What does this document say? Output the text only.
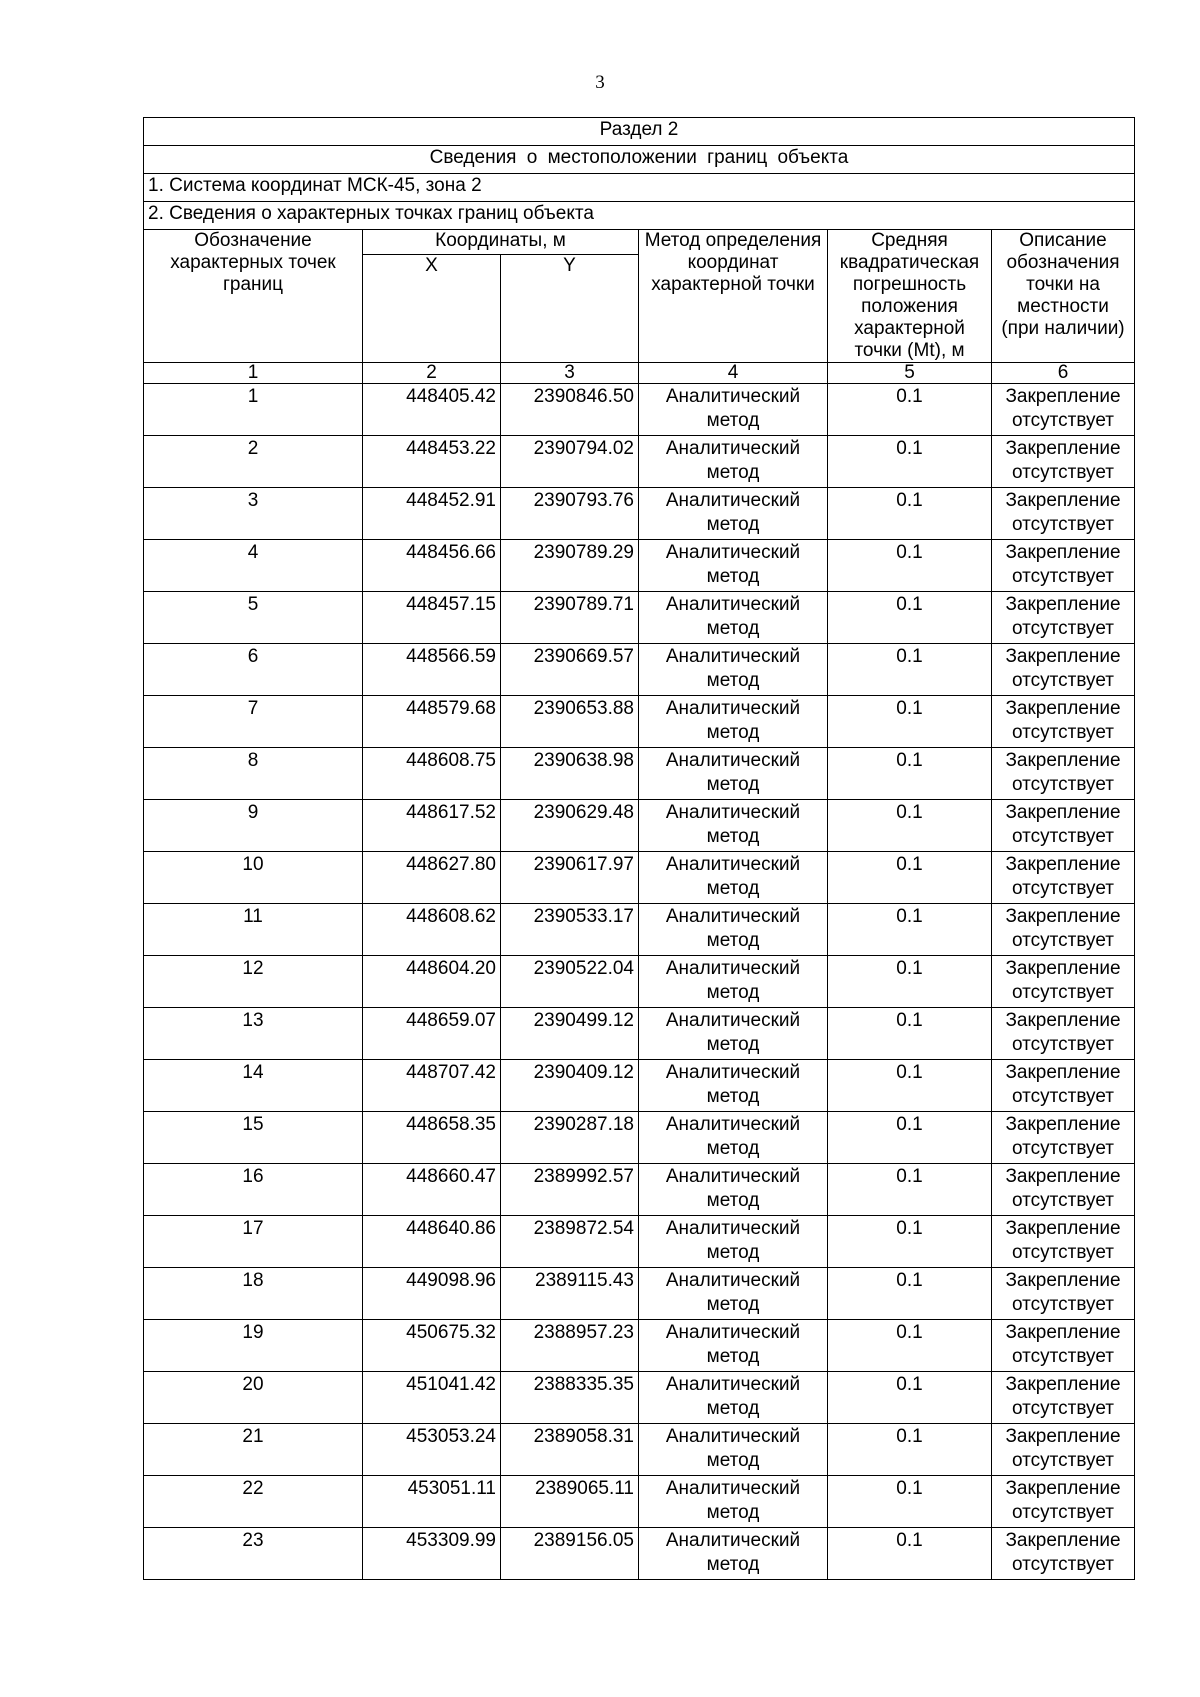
3
Раздел 2					
Сведения о местоположении границ объекта					
1. Система координат МСК-45, зона 2					
2. Сведения о характерных точках границ объекта					
Обозначение характерных точек границ	Координаты, м		Метод определения координат характерной точки	Средняя квадратическая погрешность положения характерной точки (Mt), м	Описание обозначения точки на местности (при наличии)
	X	Y			
1	2	3	4	5	6
1	448405.42	2390846.50	Аналитический метод	0.1	Закрепление отсутствует
2	448453.22	2390794.02	Аналитический метод	0.1	Закрепление отсутствует
3	448452.91	2390793.76	Аналитический метод	0.1	Закрепление отсутствует
4	448456.66	2390789.29	Аналитический метод	0.1	Закрепление отсутствует
5	448457.15	2390789.71	Аналитический метод	0.1	Закрепление отсутствует
6	448566.59	2390669.57	Аналитический метод	0.1	Закрепление отсутствует
7	448579.68	2390653.88	Аналитический метод	0.1	Закрепление отсутствует
8	448608.75	2390638.98	Аналитический метод	0.1	Закрепление отсутствует
9	448617.52	2390629.48	Аналитический метод	0.1	Закрепление отсутствует
10	448627.80	2390617.97	Аналитический метод	0.1	Закрепление отсутствует
11	448608.62	2390533.17	Аналитический метод	0.1	Закрепление отсутствует
12	448604.20	2390522.04	Аналитический метод	0.1	Закрепление отсутствует
13	448659.07	2390499.12	Аналитический метод	0.1	Закрепление отсутствует
14	448707.42	2390409.12	Аналитический метод	0.1	Закрепление отсутствует
15	448658.35	2390287.18	Аналитический метод	0.1	Закрепление отсутствует
16	448660.47	2389992.57	Аналитический метод	0.1	Закрепление отсутствует
17	448640.86	2389872.54	Аналитический метод	0.1	Закрепление отсутствует
18	449098.96	2389115.43	Аналитический метод	0.1	Закрепление отсутствует
19	450675.32	2388957.23	Аналитический метод	0.1	Закрепление отсутствует
20	451041.42	2388335.35	Аналитический метод	0.1	Закрепление отсутствует
21	453053.24	2389058.31	Аналитический метод	0.1	Закрепление отсутствует
22	453051.11	2389065.11	Аналитический метод	0.1	Закрепление отсутствует
23	453309.99	2389156.05	Аналитический метод	0.1	Закрепление отсутствует
